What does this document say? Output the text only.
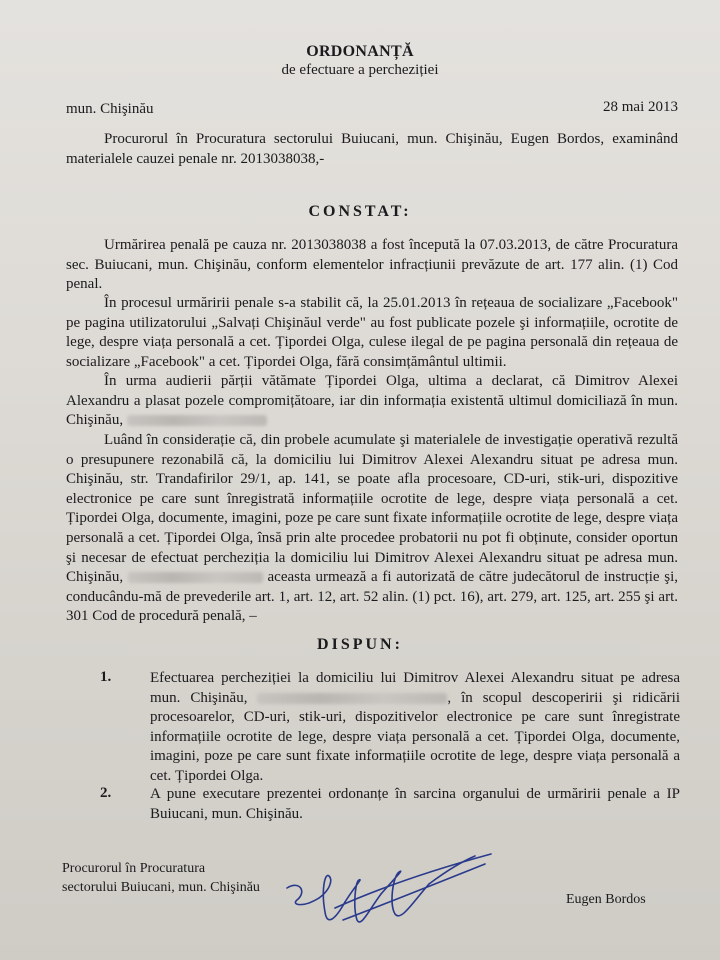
ORDONANȚĂ
de efectuare a percheziției
mun. Chişinău	28 mai 2013
Procurorul în Procuratura sectorului Buiucani, mun. Chişinău, Eugen Bordos, examinând materialele cauzei penale nr. 2013038038,-
CONSTAT:
Urmărirea penală pe cauza nr. 2013038038 a fost începută la 07.03.2013, de către Procuratura sec. Buiucani, mun. Chişinău, conform elementelor infracțiunii prevăzute de art. 177 alin. (1) Cod penal.
În procesul urmăririi penale s-a stabilit că, la 25.01.2013 în rețeaua de socializare „Facebook" pe pagina utilizatorului „Salvați Chişinăul verde" au fost publicate pozele şi informațiile, ocrotite de lege, despre viața personală a cet. Țipordei Olga, culese ilegal de pe pagina personală din rețeaua de socializare „Facebook" a cet. Țipordei Olga, fără consimțământul ultimii.
În urma audierii părții vătămate Țipordei Olga, ultima a declarat, că Dimitrov Alexei Alexandru a plasat pozele compromițătoare, iar din informația existentă ultimul domiciliază în mun. Chişinău,
Luând în considerație că, din probele acumulate şi materialele de investigație operativă rezultă o presupunere rezonabilă că, la domiciliu lui Dimitrov Alexei Alexandru situat pe adresa mun. Chişinău, str. Trandafirilor 29/1, ap. 141, se poate afla procesoare, CD-uri, stik-uri, dispozitive electronice pe care sunt înregistrată informațiile ocrotite de lege, despre viața personală a cet. Țipordei Olga, documente, imagini, poze pe care sunt fixate informațiile ocrotite de lege, despre viața personală a cet. Țipordei Olga, însă prin alte procedee probatorii nu pot fi obținute, consider oportun şi necesar de efectuat percheziția la domiciliu lui Dimitrov Alexei Alexandru situat pe adresa mun. Chişinău,	aceasta urmează a fi autorizată de către judecătorul de instrucție şi, conducându-mă de prevederile art. 1, art. 12, art. 52 alin. (1) pct. 16), art. 279, art. 125, art. 255 şi art. 301 Cod de procedură penală, –
DISPUN:
1.	Efectuarea percheziției la domiciliu lui Dimitrov Alexei Alexandru situat pe adresa mun. Chişinău,	, în scopul descoperirii şi ridicării procesoarelor, CD-uri, stik-uri, dispozitivelor electronice pe care sunt înregistrate informațiile ocrotite de lege, despre viața personală a cet. Țipordei Olga, documente, imagini, poze pe care sunt fixate informațiile ocrotite de lege, despre viața personală a cet. Țipordei Olga.
2.	A pune executare prezentei ordonanțe în sarcina organului de urmăririi penale a IP Buiucani, mun. Chişinău.
Procurorul în Procuratura
sectorului Buiucani, mun. Chişinău
Eugen Bordos
